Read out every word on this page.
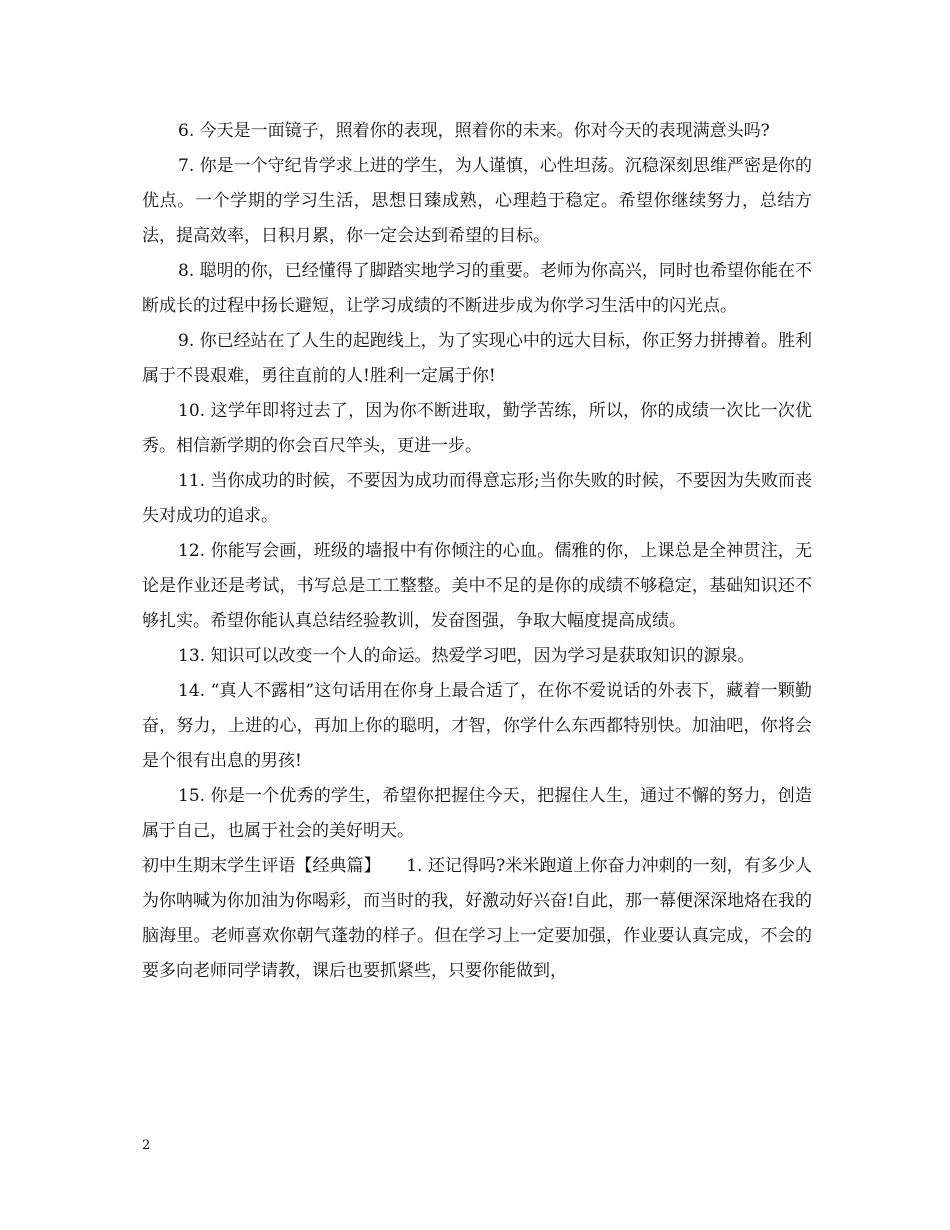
6. 今天是一面镜子，照着你的表现，照着你的未来。你对今天的表现满意头吗?

7. 你是一个守纪肯学求上进的学生，为人谨慎，心性坦荡。沉稳深刻思维严密是你的优点。一个学期的学习生活，思想日臻成熟，心理趋于稳定。希望你继续努力，总结方法，提高效率，日积月累，你一定会达到希望的目标。

8. 聪明的你，已经懂得了脚踏实地学习的重要。老师为你高兴，同时也希望你能在不断成长的过程中扬长避短，让学习成绩的不断进步成为你学习生活中的闪光点。

9. 你已经站在了人生的起跑线上，为了实现心中的远大目标，你正努力拼搏着。胜利属于不畏艰难，勇往直前的人!胜利一定属于你!

10. 这学年即将过去了，因为你不断进取，勤学苦练，所以，你的成绩一次比一次优秀。相信新学期的你会百尺竿头，更进一步。

11. 当你成功的时候，不要因为成功而得意忘形;当你失败的时候，不要因为失败而丧失对成功的追求。

12. 你能写会画，班级的墙报中有你倾注的心血。儒雅的你，上课总是全神贯注，无论是作业还是考试，书写总是工工整整。美中不足的是你的成绩不够稳定，基础知识还不够扎实。希望你能认真总结经验教训，发奋图强，争取大幅度提高成绩。

13. 知识可以改变一个人的命运。热爱学习吧，因为学习是获取知识的源泉。

14. “真人不露相”这句话用在你身上最合适了，在你不爱说话的外表下，藏着一颗勤奋，努力，上进的心，再加上你的聪明，才智，你学什么东西都特别快。加油吧，你将会是个很有出息的男孩!

15. 你是一个优秀的学生，希望你把握住今天，把握住人生，通过不懈的努力，创造属于自己，也属于社会的美好明天。

初中生期末学生评语【经典篇】　　1. 还记得吗?米米跑道上你奋力冲刺的一刻，有多少人为你呐喊为你加油为你喝彩，而当时的我，好激动好兴奋!自此，那一幕便深深地烙在我的脑海里。老师喜欢你朝气蓬勃的样子。但在学习上一定要加强，作业要认真完成，不会的要多向老师同学请教，课后也要抓紧些，只要你能做到，

2
